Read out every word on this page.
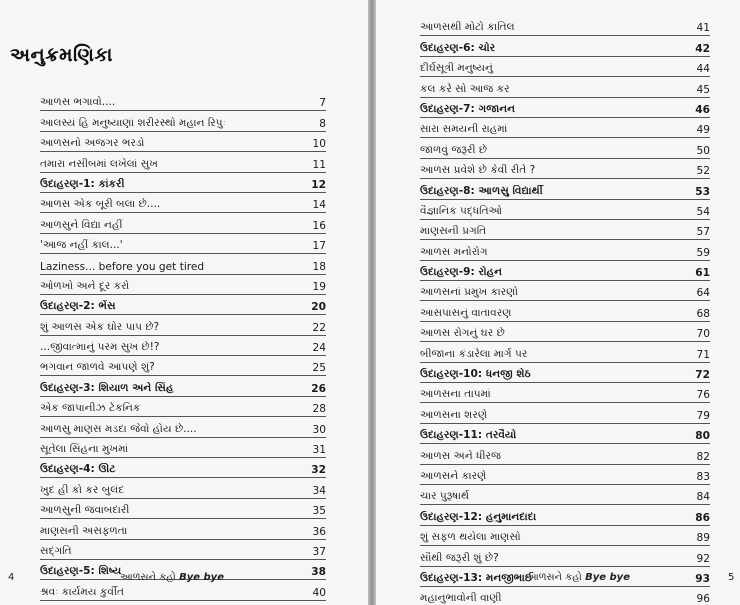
અનુક્રમણિકા
આળસ ભગાવો....	7
આલસ્યં હિ મનુષ્યાણાં શરીરસ્થો મહાન રિપુઃ	8
આળસનો અજગર ભરડો	10
તમારા નસીબમાં લખેલાં સુખ	11
ઉદાહરણ-1: કાંકરી	12
આળસ એક બૂરી બલા છે....	14
આળસુને વિદ્યા નહીં	16
'આજ નહીં કાલ...'	17
Laziness... before you get tired	18
ઓળખો અને દૂર કરો	19
ઉદાહરણ-2: ભેંસ	20
શું આળસ એક ઘોર પાપ છે?	22
...જીવાત્માનું પરમ સુખ છે!?	24
ભગવાન જાળવે આપણે શું?	25
ઉદાહરણ-3: શિયાળ અને સિંહ	26
એક જાપાનીઝ ટેકનિક	28
આળસુ માણસ મડદા જેવો હોય છે....	30
સૂતેલા સિંહના મુખમાં	31
ઉદાહરણ-4: ઊંટ	32
ખુદ હી કો કર બુલંદ	34
આળસુની જવાબદારી	35
માણસની અસફળતા	36
સદ્ગતિ	37
ઉદાહરણ-5: શિષ્ય	38
શ્રવઃ કાર્યમય કુર્વીત	40
4	આળસને કહો Bye bye
આળસથી મોટો કાતિલ	41
ઉદાહરણ-6: ચોર	42
દીર્ઘસૂત્રી મનુષ્યનું	44
કલ કરે સો આજ કર	45
ઉદાહરણ-7: ગજાનન	46
સારા સમયની રાહમાં	49
જાળવું જરૂરી છે	50
આળસ પ્રવેશે છે કેવી રીતે ?	52
ઉદાહરણ-8: આળસુ વિદ્યાર્થી	53
વૈજ્ઞાનિક પદ્ધતિઓ	54
માણસની પ્રગતિ	57
આળસ મનોરોગ	59
ઉદાહરણ-9: રોહન	61
આળસનાં પ્રમુખ કારણો	64
આસપાસનું વાતાવરણ	68
આળસ રોગનું ઘર છે	70
બીજાના કંડારેલા માર્ગ પર	71
ઉદાહરણ-10: ધનજી શેઠ	72
આળસના તાપમાં	76
આળસના શરણે	79
ઉદાહરણ-11: તરવૈયો	80
આળસ અને ધીરજ	82
આળસને કારણે	83
ચાર પુરૂષાર્થ	84
ઉદાહરણ-12: હનુમાનદાદા	86
શું સફળ થયેલા માણસો	89
સૌથી જરૂરી શું છે?	92
ઉદાહરણ-13: મનજીભાઈ	93
મહાનુભાવોની વાણી	96
આળસને કહો Bye bye	5
